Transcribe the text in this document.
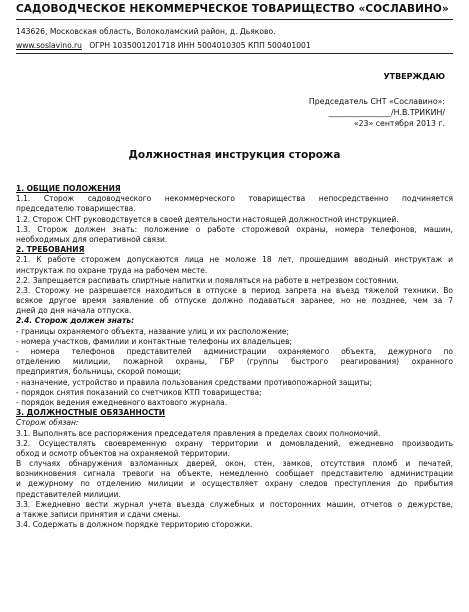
САДОВОДЧЕСКОЕ НЕКОММЕРЧЕСКОЕ ТОВАРИЩЕСТВО «СОСЛАВИНО»
143626, Московская область, Волоколамский район, д. Дьяково.
www.soslavino.ru ОГРН 1035001201718 ИНН 5004010305 КПП 500401001
УТВЕРЖДАЮ
Председатель СНТ «Сославино»:
________________/Н.В.ТРИКИН/
«23» сентября 2013 г.
Должностная инструкция сторожа
1. ОБЩИЕ ПОЛОЖЕНИЯ
1.1. Сторож садоводческого некоммерческого товарищества непосредственно подчиняется
председателю товарищества.
1.2. Сторож СНТ руководствуется в своей деятельности настоящей должностной инструкцией.
1.3. Сторож должен знать: положение о работе сторожевой охраны, номера телефонов, машин,
необходимых для оперативной связи.
2. ТРЕБОВАНИЯ
2.1. К работе сторожем допускаются лица не моложе 18 лет, прошедшим вводный инструктаж и
инструктаж по охране труда на рабочем месте.
2.2. Запрещается распивать спиртные напитки и появляться на работе в нетрезвом состоянии.
2.3. Сторожу не разрешается находиться в отпуске в период запрета на въезд тяжелой техники. Во
всякое другое время заявление об отпуске должно подаваться заранее, но не позднее, чем за 7
дней до дня начала отпуска.
2.4. Сторож должен знать:
- границы охраняемого объекта, название улиц и их расположение;
- номера участков, фамилии и контактные телефоны их владельцев;
- номера телефонов представителей администрации охраняемого объекта, дежурного по
отделению милиции, пожарной охраны, ГБР (группы быстрого реагирования) охранного
предприятия, больницы, скорой помощи;
- назначение, устройство и правила пользования средствами противопожарной защиты;
- порядок снятия показаний со счетчиков КТП товарищества;
- порядок ведения ежедневного вахтового журнала.
3. ДОЛЖНОСТНЫЕ ОБЯЗАННОСТИ
Сторож обязан:
3.1. Выполнять все распоряжения председателя правления в пределах своих полномочий.
3.2. Осуществлять своевременную охрану территории и домовладений, ежедневно производить
обход и осмотр объектов на охраняемой территории.
В случаях обнаружения взломанных дверей, окон, стен, замков, отсутствия пломб и печатей,
возникновения сигнала тревоги на объекте, немедленно сообщает представителю администрации
и дежурному по отделению милиции и осуществляет охрану следов преступления до прибытия
представителей милиции.
3.3. Ежедневно вести журнал учета въезда служебных и посторонних машин, отчетов о дежурстве,
а также записи принятия и сдачи смены.
3.4. Содержать в должном порядке территорию сторожки.
